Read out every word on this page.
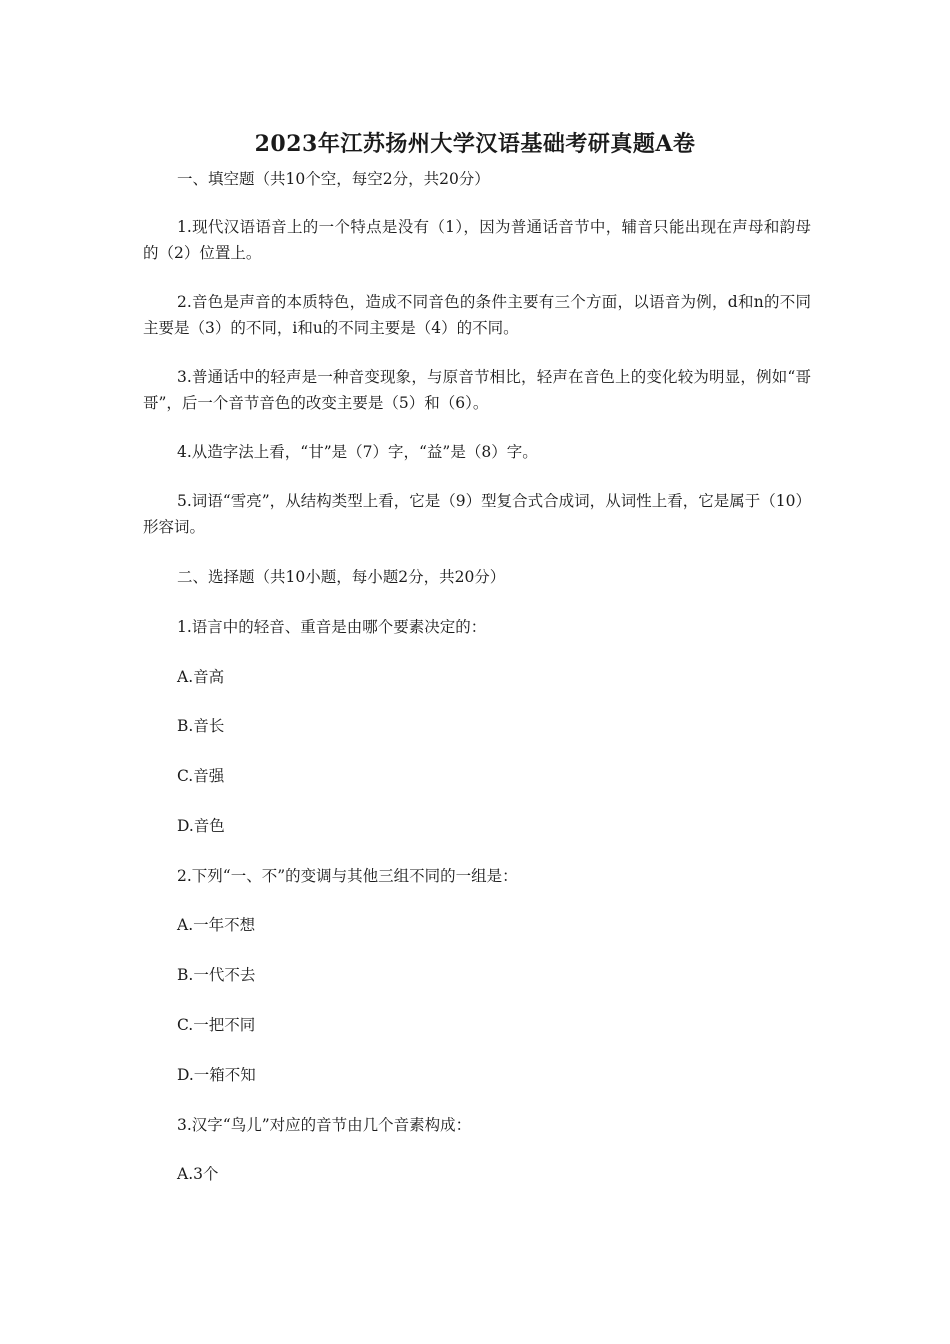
2023年江苏扬州大学汉语基础考研真题A卷

一、填空题（共10个空，每空2分，共20分）

1.现代汉语语音上的一个特点是没有（1），因为普通话音节中，辅音只能出现在声母和韵母的（2）位置上。

2.音色是声音的本质特色，造成不同音色的条件主要有三个方面，以语音为例，d和n的不同主要是（3）的不同，i和u的不同主要是（4）的不同。

3.普通话中的轻声是一种音变现象，与原音节相比，轻声在音色上的变化较为明显，例如“哥哥”，后一个音节音色的改变主要是（5）和（6）。

4.从造字法上看，“甘”是（7）字，“益”是（8）字。

5.词语“雪亮”，从结构类型上看，它是（9）型复合式合成词，从词性上看，它是属于（10）形容词。

二、选择题（共10小题，每小题2分，共20分）

1.语言中的轻音、重音是由哪个要素决定的：

A.音高

B.音长

C.音强

D.音色

2.下列“一、不”的变调与其他三组不同的一组是：

A.一年不想

B.一代不去

C.一把不同

D.一箱不知

3.汉字“鸟儿”对应的音节由几个音素构成：

A.3个
